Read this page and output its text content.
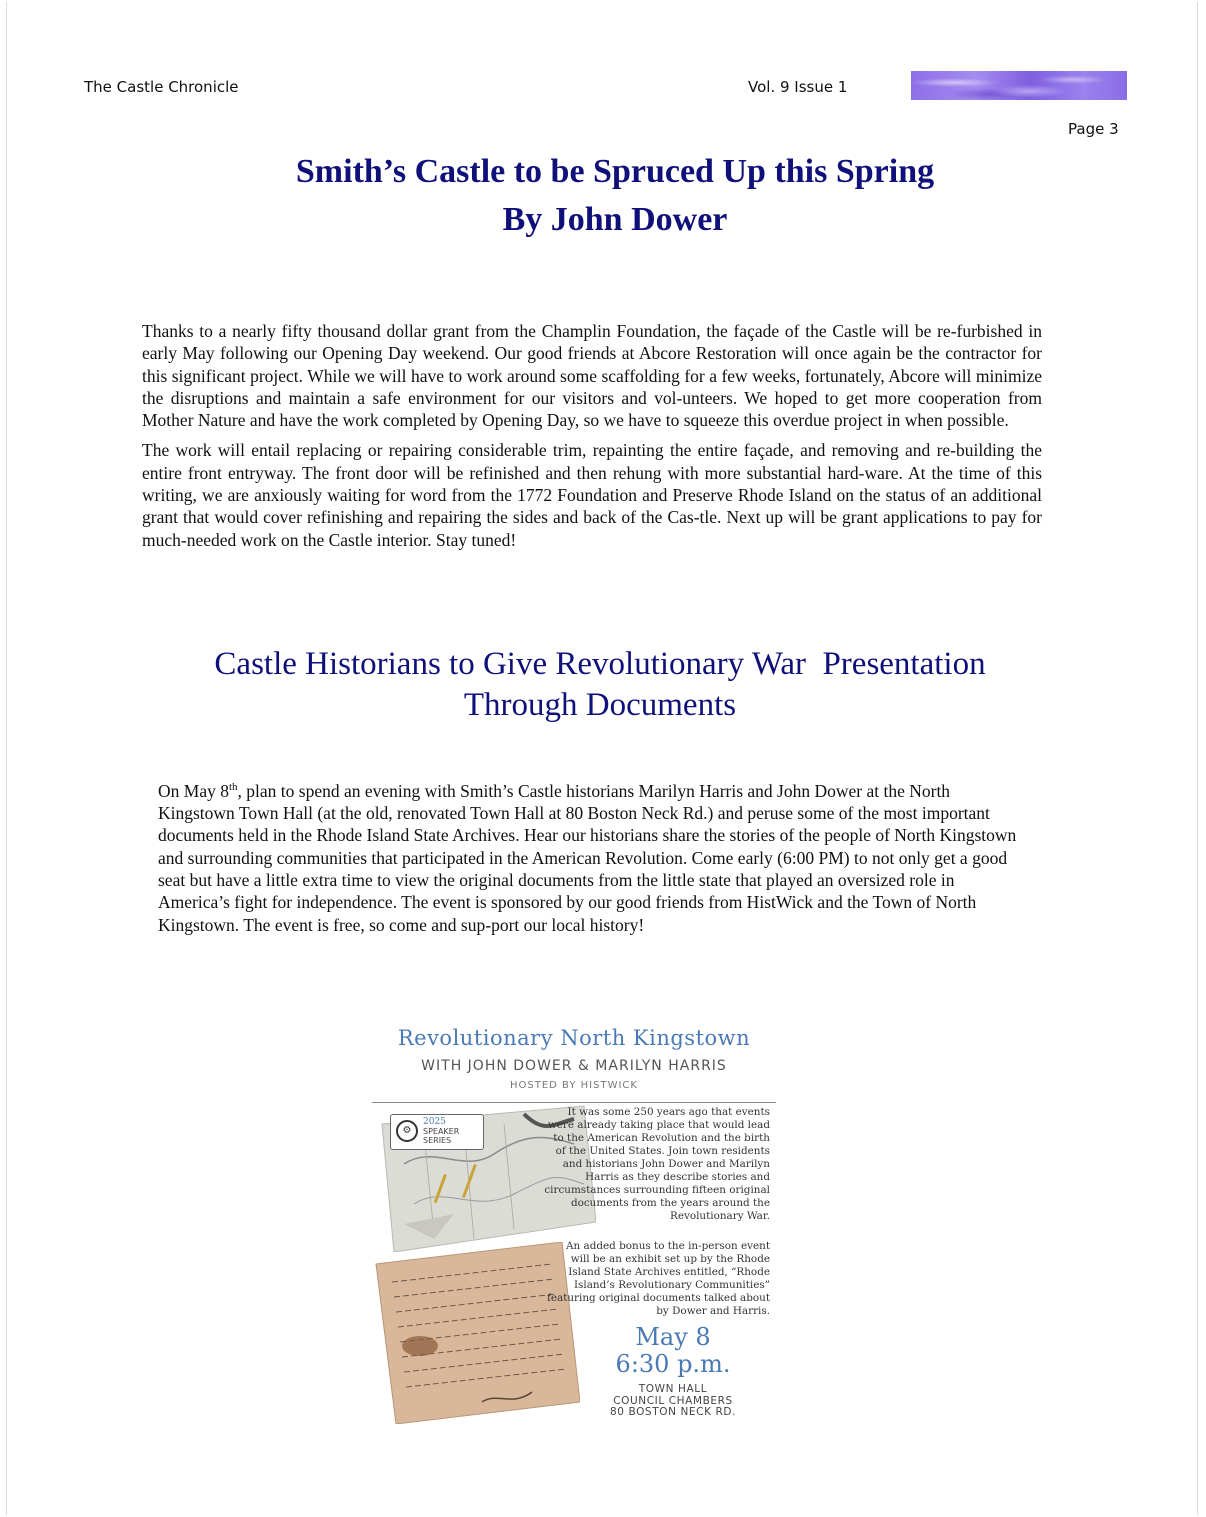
The Castle Chronicle	Vol. 9 Issue 1
Page 3
Smith’s Castle to be Spruced Up this Spring
By John Dower

Thanks to a nearly fifty thousand dollar grant from the Champlin Foundation, the façade of the Castle will be re-furbished in early May following our Opening Day weekend. Our good friends at Abcore Restoration will once again be the contractor for this significant project. While we will have to work around some scaffolding for a few weeks, fortunately, Abcore will minimize the disruptions and maintain a safe environment for our visitors and vol-unteers. We hoped to get more cooperation from Mother Nature and have the work completed by Opening Day, so we have to squeeze this overdue project in when possible.

The work will entail replacing or repairing considerable trim, repainting the entire façade, and removing and re-building the entire front entryway. The front door will be refinished and then rehung with more substantial hard-ware. At the time of this writing, we are anxiously waiting for word from the 1772 Foundation and Preserve Rhode Island on the status of an additional grant that would cover refinishing and repairing the sides and back of the Cas-tle. Next up will be grant applications to pay for much-needed work on the Castle interior. Stay tuned!

Castle Historians to Give Revolutionary War  Presentation
Through Documents
On May 8th, plan to spend an evening with Smith’s Castle historians Marilyn Harris and John Dower at the North Kingstown Town Hall (at the old, renovated Town Hall at 80 Boston Neck Rd.) and peruse some of the most important documents held in the Rhode Island State Archives. Hear our historians share the stories of the people of North Kingstown and surrounding communities that participated in the American Revolution. Come early (6:00 PM) to not only get a good seat but have a little extra time to view the original documents from the little state that played an oversized role in America’s fight for independence. The event is sponsored by our good friends from HistWick and the Town of North Kingstown. The event is free, so come and sup-port our local history!
Revolutionary North Kingstown
WITH JOHN DOWER & MARILYN HARRIS
HOSTED BY HISTWICK
⚙
2025
SPEAKER
SERIES
It was some 250 years ago that events were already taking place that would lead to the American Revolution and the birth of the United States. Join town residents and historians John Dower and Marilyn Harris as they describe stories and circumstances surrounding fifteen original documents from the years around the Revolutionary War.
An added bonus to the in-person event will be an exhibit set up by the Rhode Island State Archives entitled, “Rhode Island’s Revolutionary Communities” featuring original documents talked about by Dower and Harris.
May 8
6:30 p.m.
TOWN HALL
COUNCIL CHAMBERS
80 BOSTON NECK RD.
